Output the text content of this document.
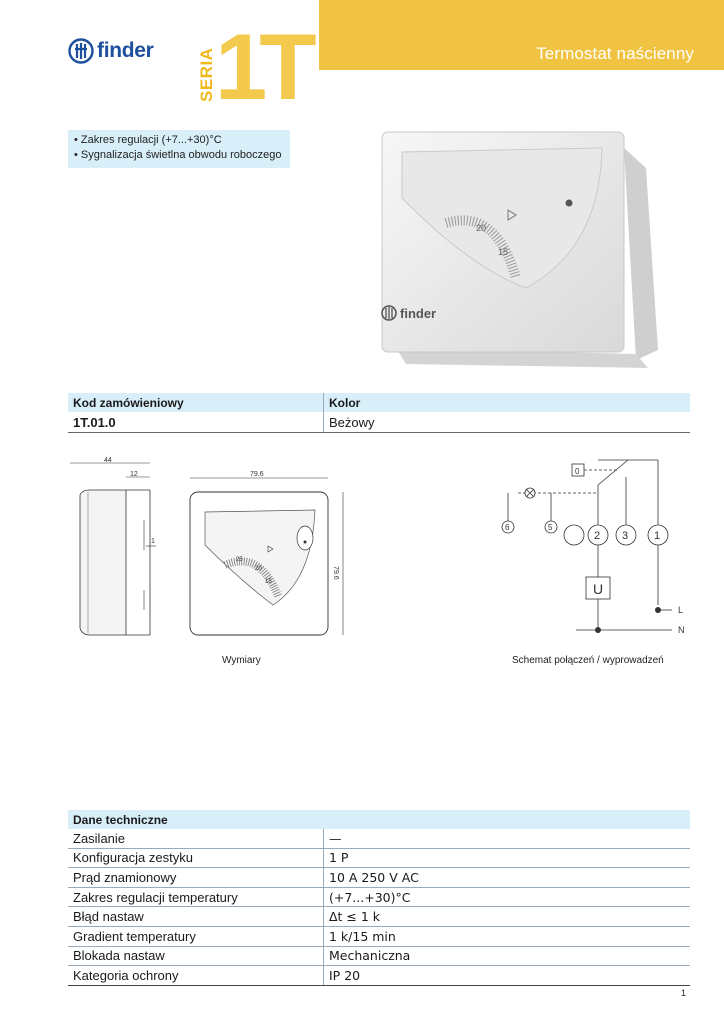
Termostat naścienny
finder	SERIA 1T
• Zakres regulacji (+7...+30)°C
• Sygnalizacja świetlna obwodu roboczego
20
15
finder
Kod zamówieniowy	Kolor
1T.01.0	Beżowy
44
12
1
79.6
79.6
25
20
15
Wymiary
0
6	5
2 3 1
U
L
N
Schemat połączeń / wyprowadzeń
Dane techniczne
Zasilanie	—
Konfiguracja zestyku	1 P
Prąd znamionowy	10 A 250 V AC
Zakres regulacji temperatury	(+7...+30)°C
Błąd nastaw	Δt ≤ 1 k
Gradient temperatury	1 k/15 min
Blokada nastaw	Mechaniczna
Kategoria ochrony	IP 20
1
